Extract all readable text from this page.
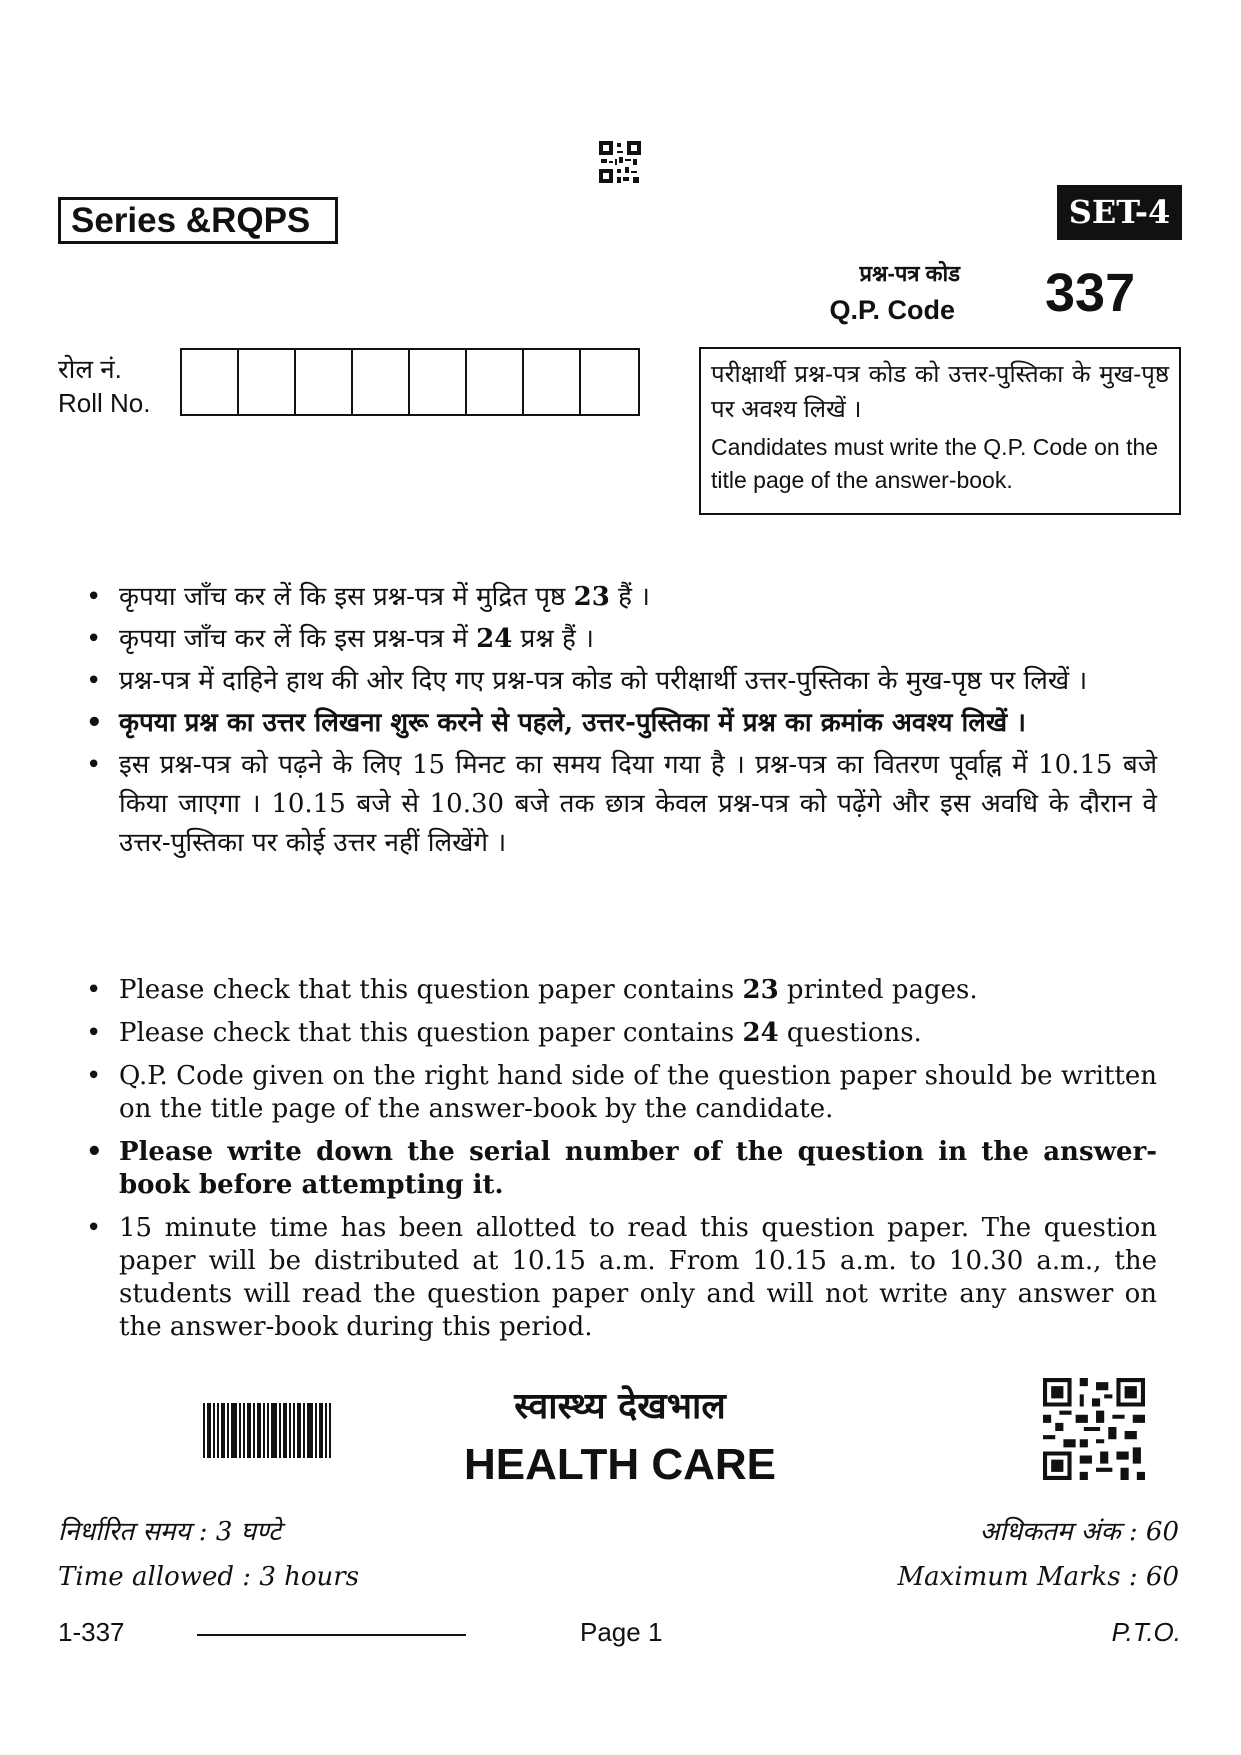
Series &RQPS	SET-4
प्रश्न-पत्र कोड
Q.P. Code 337
रोल नं.
Roll No.
परीक्षार्थी प्रश्न-पत्र कोड को उत्तर-पुस्तिका के मुख-पृष्ठ पर अवश्य लिखें ।
Candidates must write the Q.P. Code on the title page of the answer-book.
• कृपया जाँच कर लें कि इस प्रश्न-पत्र में मुद्रित पृष्ठ 23 हैं ।
• कृपया जाँच कर लें कि इस प्रश्न-पत्र में 24 प्रश्न हैं ।
• प्रश्न-पत्र में दाहिने हाथ की ओर दिए गए प्रश्न-पत्र कोड को परीक्षार्थी उत्तर-पुस्तिका के मुख-पृष्ठ पर लिखें ।
• कृपया प्रश्न का उत्तर लिखना शुरू करने से पहले, उत्तर-पुस्तिका में प्रश्न का क्रमांक अवश्य लिखें ।
• इस प्रश्न-पत्र को पढ़ने के लिए 15 मिनट का समय दिया गया है । प्रश्न-पत्र का वितरण पूर्वाह्न में 10.15 बजे किया जाएगा । 10.15 बजे से 10.30 बजे तक छात्र केवल प्रश्न-पत्र को पढ़ेंगे और इस अवधि के दौरान वे उत्तर-पुस्तिका पर कोई उत्तर नहीं लिखेंगे ।
• Please check that this question paper contains 23 printed pages.
• Please check that this question paper contains 24 questions.
• Q.P. Code given on the right hand side of the question paper should be written on the title page of the answer-book by the candidate.
• Please write down the serial number of the question in the answer-book before attempting it.
• 15 minute time has been allotted to read this question paper. The question paper will be distributed at 10.15 a.m. From 10.15 a.m. to 10.30 a.m., the students will read the question paper only and will not write any answer on the answer-book during this period.
स्वास्थ्य देखभाल
HEALTH CARE
निर्धारित समय : 3 घण्टे
Time allowed : 3 hours
अधिकतम अंक : 60
Maximum Marks : 60
1-337	Page 1	P.T.O.
